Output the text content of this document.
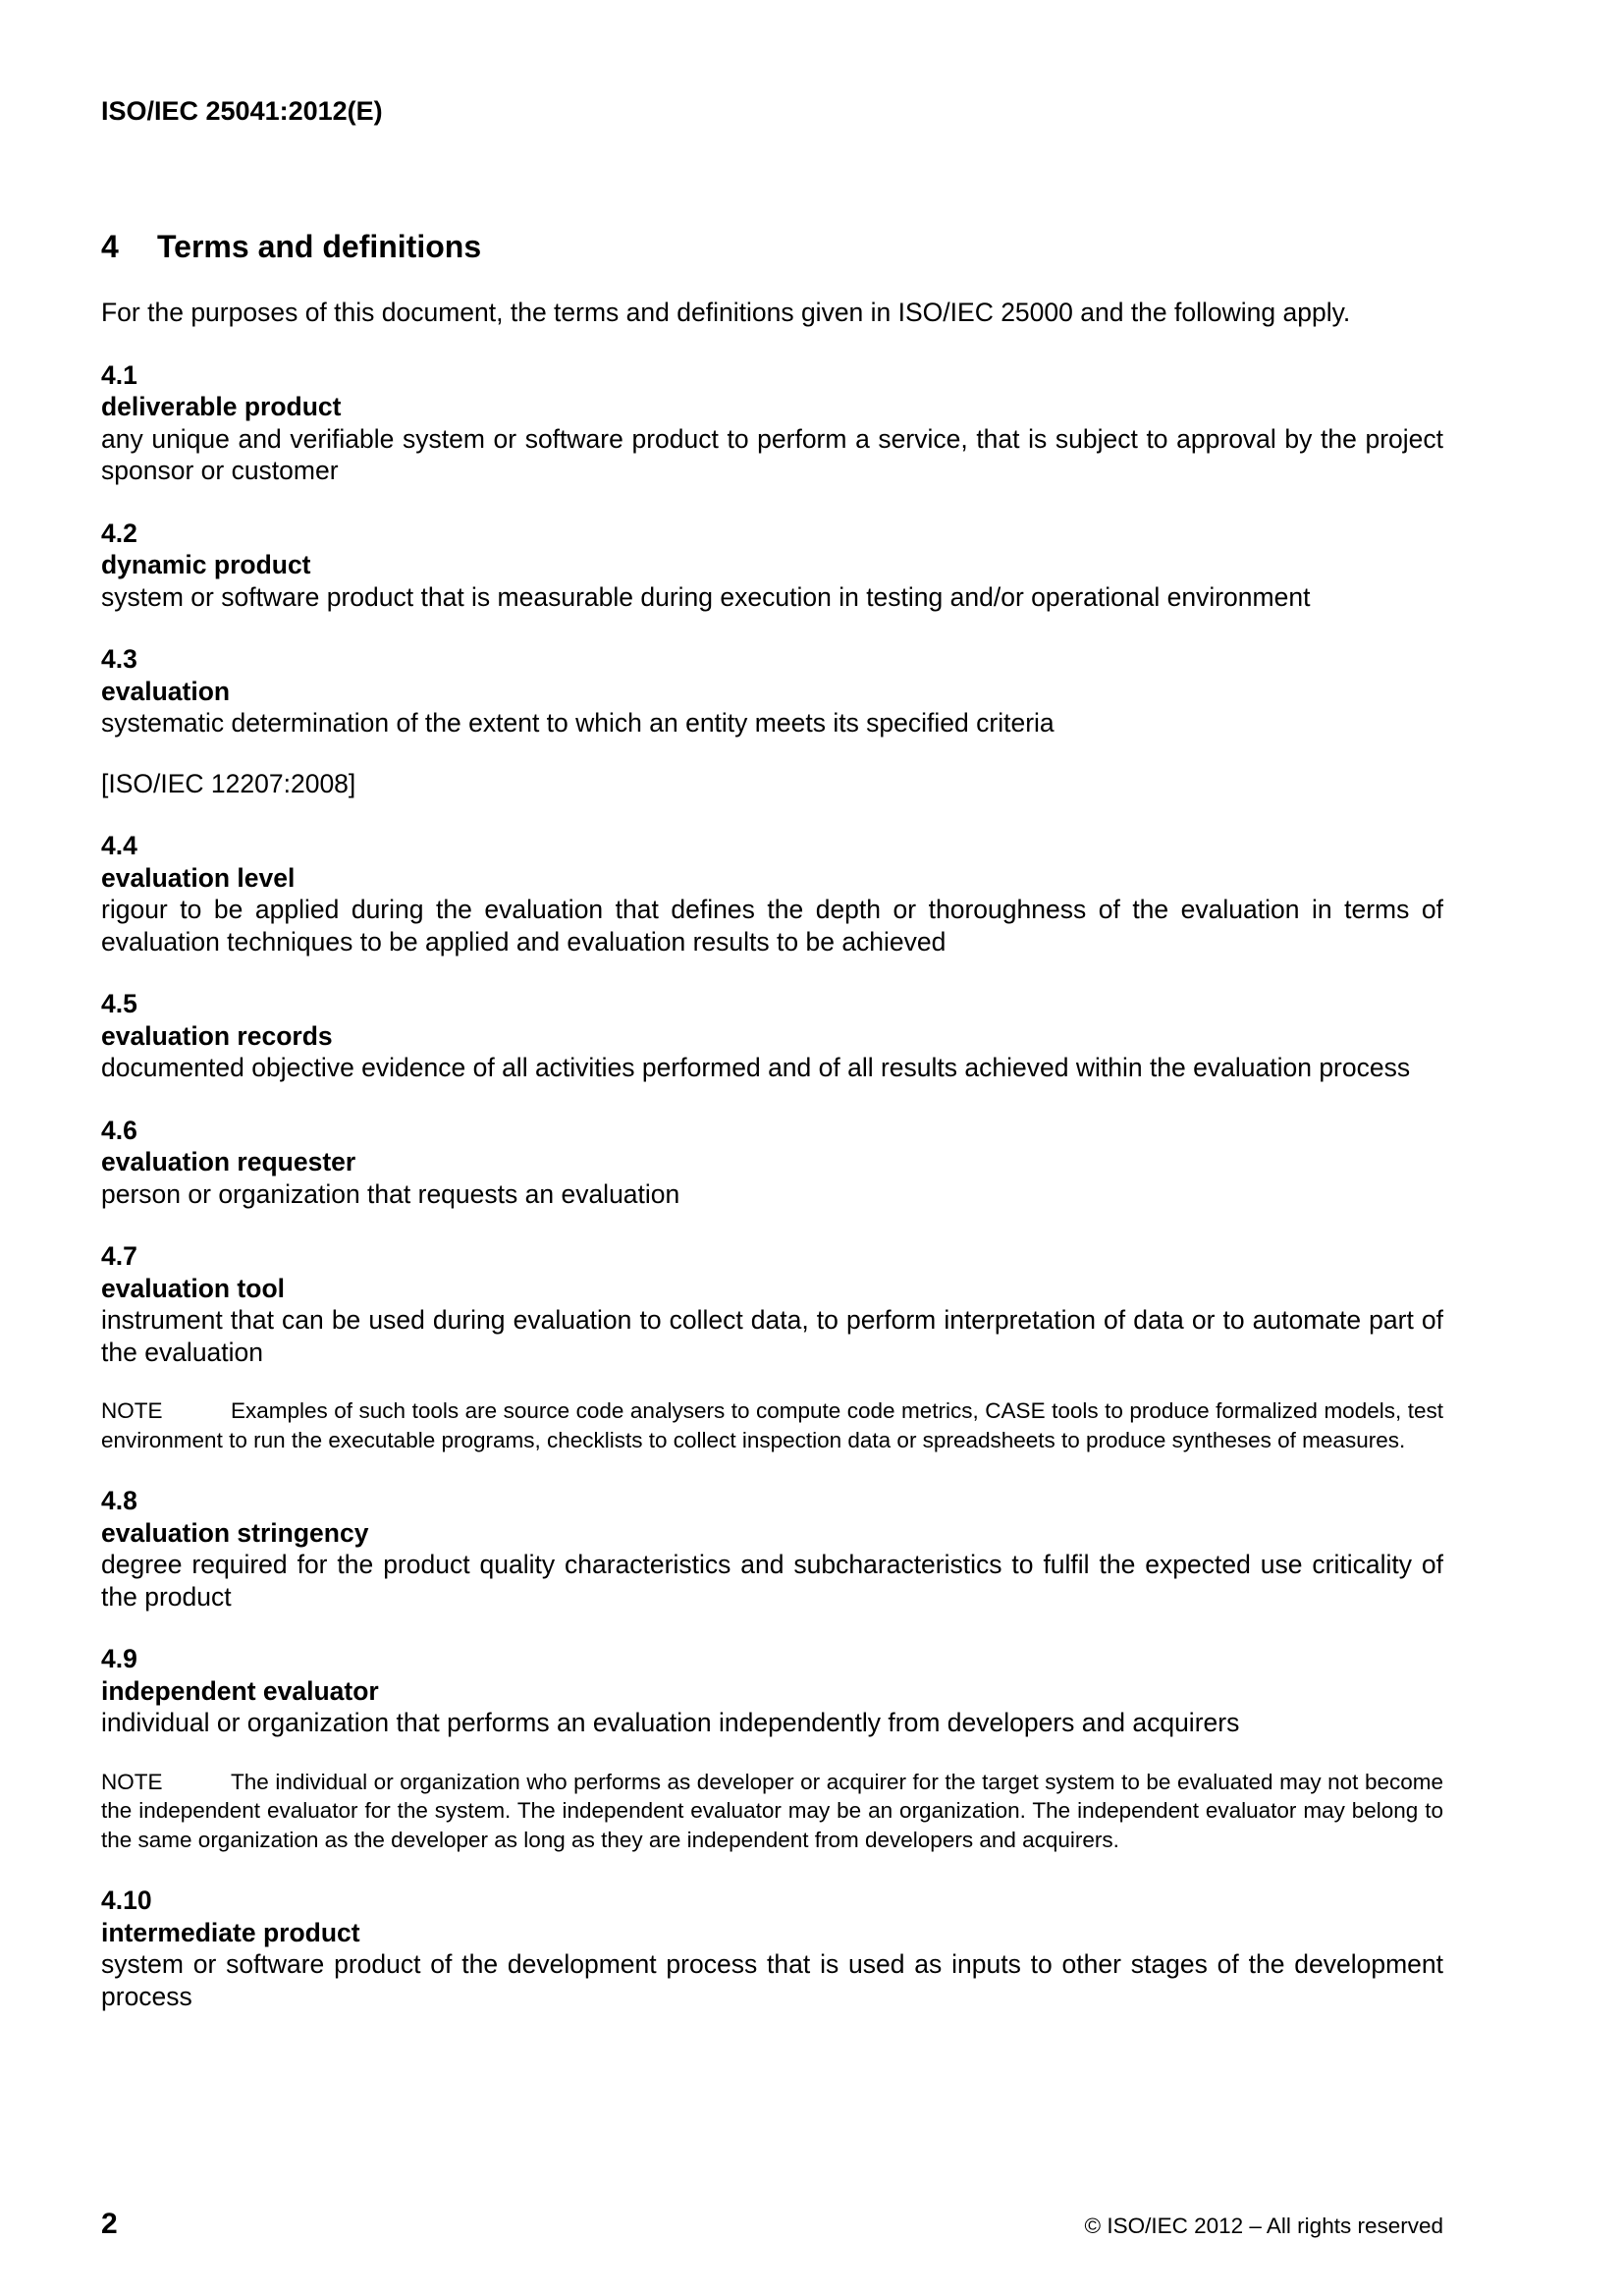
ISO/IEC 25041:2012(E)
4 Terms and definitions
For the purposes of this document, the terms and definitions given in ISO/IEC 25000 and the following apply.
4.1
deliverable product
any unique and verifiable system or software product to perform a service, that is subject to approval by the project sponsor or customer
4.2
dynamic product
system or software product that is measurable during execution in testing and/or operational environment
4.3
evaluation
systematic determination of the extent to which an entity meets its specified criteria
[ISO/IEC 12207:2008]
4.4
evaluation level
rigour to be applied during the evaluation that defines the depth or thoroughness of the evaluation in terms of evaluation techniques to be applied and evaluation results to be achieved
4.5
evaluation records
documented objective evidence of all activities performed and of all results achieved within the evaluation process
4.6
evaluation requester
person or organization that requests an evaluation
4.7
evaluation tool
instrument that can be used during evaluation to collect data, to perform interpretation of data or to automate part of the evaluation
NOTE	Examples of such tools are source code analysers to compute code metrics, CASE tools to produce formalized models, test environment to run the executable programs, checklists to collect inspection data or spreadsheets to produce syntheses of measures.
4.8
evaluation stringency
degree required for the product quality characteristics and subcharacteristics to fulfil the expected use criticality of the product
4.9
independent evaluator
individual or organization that performs an evaluation independently from developers and acquirers
NOTE	The individual or organization who performs as developer or acquirer for the target system to be evaluated may not become the independent evaluator for the system. The independent evaluator may be an organization. The independent evaluator may belong to the same organization as the developer as long as they are independent from developers and acquirers.
4.10
intermediate product
system or software product of the development process that is used as inputs to other stages of the development process
2	© ISO/IEC 2012 – All rights reserved
